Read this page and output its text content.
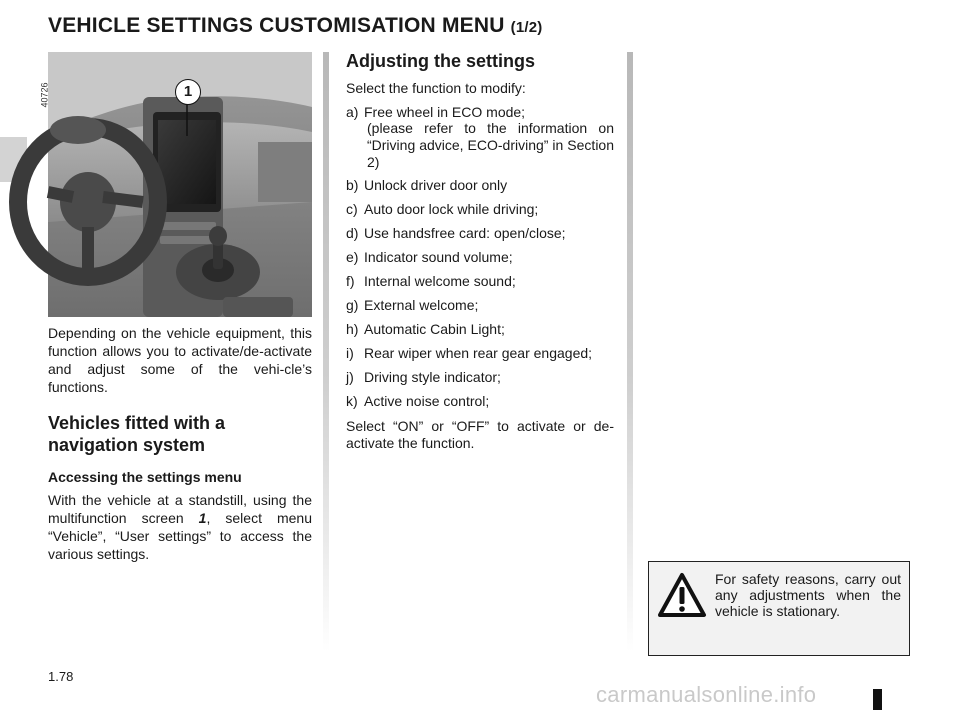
VEHICLE SETTINGS CUSTOMISATION MENU (1/2)
40726	1
Depending on the vehicle equipment, this function allows you to activate/de-activate and adjust some of the vehi-cle’s functions.
Vehicles fitted with a navigation system
Accessing the settings menu
With the vehicle at a standstill, using the multifunction screen 1, select menu “Vehicle”, “User settings” to access the various settings.
Adjusting the settings
Select the function to modify:
a) Free wheel in ECO mode;
(please refer to the information on “Driving advice, ECO-driving” in Section 2)
b) Unlock driver door only
c) Auto door lock while driving;
d) Use handsfree card: open/close;
e) Indicator sound volume;
f) Internal welcome sound;
g) External welcome;
h) Automatic Cabin Light;
i) Rear wiper when rear gear engaged;
j) Driving style indicator;
k) Active noise control;
Select “ON” or “OFF” to activate or de-activate the function.
For safety reasons, carry out any adjustments when the vehicle is stationary.
1.78
carmanualsonline.info
